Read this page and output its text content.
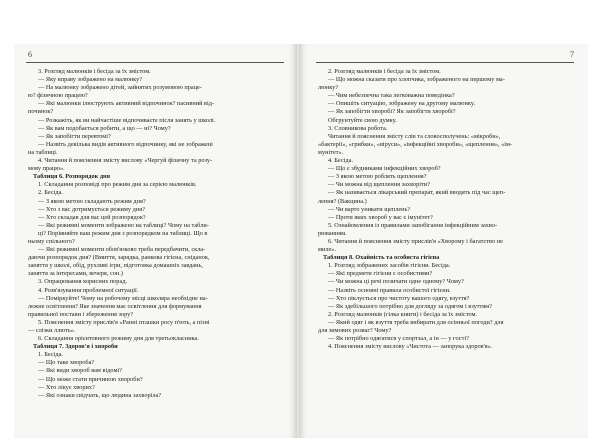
6
3. Розгляд малюнків і бесіда за їх змістом.
— Яку вправу зображено на малюнку?
— На малюнку зображено дітей, зайнятих розумовою праце-
ю? фізичною працею?
— Які малюнки ілюструють активний відпочинок? пасивний від-
починок?
— Розкажіть, як ви найчастіше відпочиваєте після занять у школі.
— Як вам подобається робити, а що — ні? Чому?
— Як запобігти перевтомі?
— Назвіть декілька видів активного відпочинку, які не зображені
на таблиці.
4. Читання й пояснення змісту вислову «Чергуй фізичну та розу-
мову працю».
Таблиця 6. Розпорядок дня
1. Складання розповіді про режим дня за серією малюнків.
2. Бесіда.
— З якою метою складають режим дня?
— Хто з вас дотримується режиму дня?
— Хто складав для вас цей розпорядок?
— Які режимні моменти зображено на таблиці? Чому на табли-
ці? Порівняйте ваш режим дня з розпорядком на таблиці. Що в
ньому спільного?
— Які режимні моменти обов'язково треба передбачити, скла-
даючи розпорядок дня? (Вмиття, зарядка, ранкова гігієна, сніданок,
заняття у школі, обід, рухливі ігри, підготовка домашніх завдань,
заняття за інтересами, вечеря, сон.)
3. Опрацювання корисних порад.
4. Розв'язування проблемної ситуації.
— Поміркуйте! Чому на робочому місці школяра необхідне на-
лежне освітлення? Яке значення має освітлення для формування
правильної постави і збереження зору?
5. Пояснення змісту прислів'я «Ранні пташки росу п'ють, а пізні
— слізки ллють».
6. Складання орієнтовного режиму дня для третьокласника.
Таблиця 7. Здоров'я і хвороби
1. Бесіда.
— Що таке хвороба?
— Які види хвороб вам відомі?
— Що може стати причиною хвороби?
— Хто лікує хворих?
— Які ознаки свідчать, що людина захворіла?
7
2. Розгляд малюнків і бесіда за їх змістом.
— Що можна сказати про хлопчика, зображеного на першому ма-
люнку?
— Чим небезпечна така легковажна поведінка?
— Опишіть ситуацію, зображену на другому малюнку.
— Як запобігти хворобі? Як запобігти хворобі?
Обгрунтуйте свою думку.
3. Словникова робота.
Читання й пояснення змісту слів та словосполучень: «мікроби»,
«бактерії», «грибки», «віруси», «інфекційні хвороби», «щеплення», «ім-
мунітет».
4. Бесіда.
— Що є збудниками інфекційних хвороб?
— З якою метою роблять щеплення?
— Чи можна від щеплення захворіти?
— Як називається лікарський препарат, який вводять під час щеп-
лення? (Вакцина.)
— Чи варто уникати щеплень?
— Проти яких хвороб у вас є імунітет?
5. Ознайомлення із правилами запобігання інфекційним захво-
рюванням.
6. Читання й пояснення змісту прислів'я «Хворому і багатство не
миле».
Таблиця 8. Охайність та особиста гігієна
1. Розгляд зображених засобів гігієни. Бесіда.
— Які предмети гігієни є особистими?
— Чи можна ці речі позичати одне одному? Чому?
— Назвіть основні правила особистої гігієни.
— Хто піклується про чистоту вашого одягу, взуття?
— Як здебільшого потрібно для догляду за одягом і взуттям?
2. Розгляд малюнків (гілка книги) і бесіда за їх змістом.
— Який одяг і як взуття треба вибирати для осінньої погоди? для
для зимових розваг? Чому?
— Як потрібно одягатися у спортзал, а ін — у гості?
4. Пояснення змісту вислову «Чистота — запорука здоров'я».
